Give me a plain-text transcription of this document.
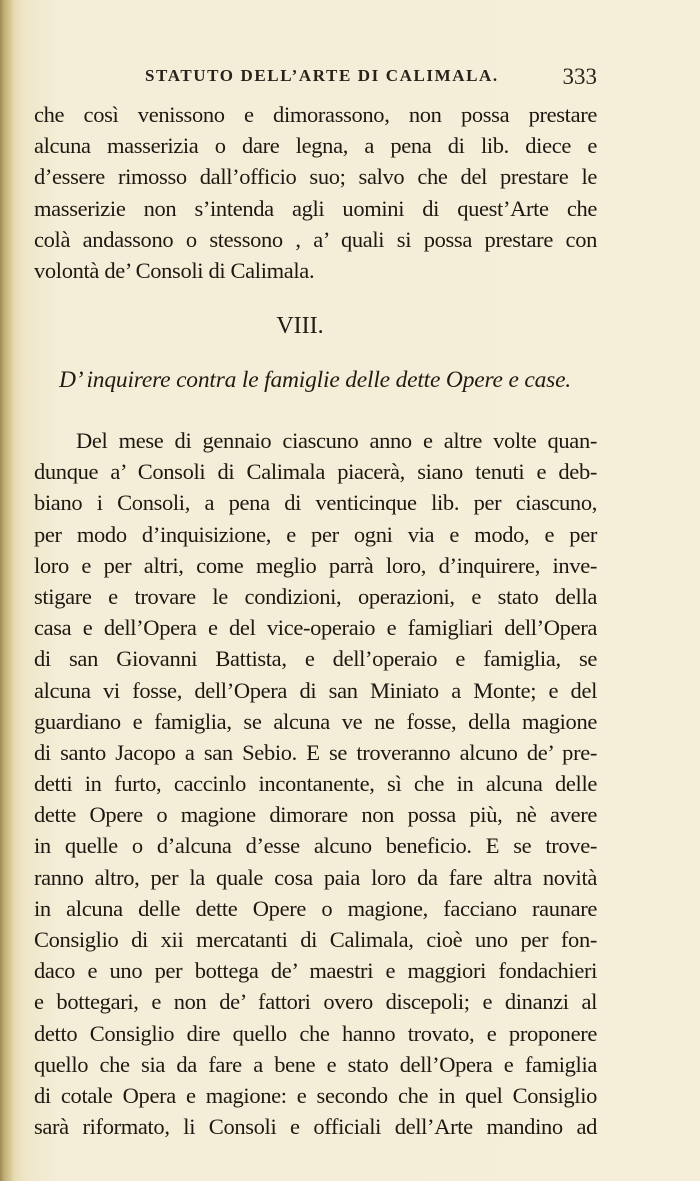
STATUTO DELL’ARTE DI CALIMALA.	333
che così venissono e dimorassono, non possa prestare
alcuna masserizia o dare legna, a pena di lib. diece e
d’essere rimosso dall’officio suo; salvo che del prestare le
masserizie non s’intenda agli uomini di quest’Arte che
colà andassono o stessono , a’ quali si possa prestare con
volontà de’ Consoli di Calimala.
VIII.
D’ inquirere contra le famiglie delle dette Opere e case.
Del mese di gennaio ciascuno anno e altre volte quan-
dunque a’ Consoli di Calimala piacerà, siano tenuti e deb-
biano i Consoli, a pena di venticinque lib. per ciascuno,
per modo d’inquisizione, e per ogni via e modo, e per
loro e per altri, come meglio parrà loro, d’inquirere, inve-
stigare e trovare le condizioni, operazioni, e stato della
casa e dell’Opera e del vice-operaio e famigliari dell’Opera
di san Giovanni Battista, e dell’operaio e famiglia, se
alcuna vi fosse, dell’Opera di san Miniato a Monte; e del
guardiano e famiglia, se alcuna ve ne fosse, della magione
di santo Jacopo a san Sebio. E se troveranno alcuno de’ pre-
detti in furto, caccinlo incontanente, sì che in alcuna delle
dette Opere o magione dimorare non possa più, nè avere
in quelle o d’alcuna d’esse alcuno beneficio. E se trove-
ranno altro, per la quale cosa paia loro da fare altra novità
in alcuna delle dette Opere o magione, facciano raunare
Consiglio di xii mercatanti di Calimala, cioè uno per fon-
daco e uno per bottega de’ maestri e maggiori fondachieri
e bottegari, e non de’ fattori overo discepoli; e dinanzi al
detto Consiglio dire quello che hanno trovato, e proponere
quello che sia da fare a bene e stato dell’Opera e famiglia
di cotale Opera e magione: e secondo che in quel Consiglio
sarà riformato, li Consoli e officiali dell’Arte mandino ad
